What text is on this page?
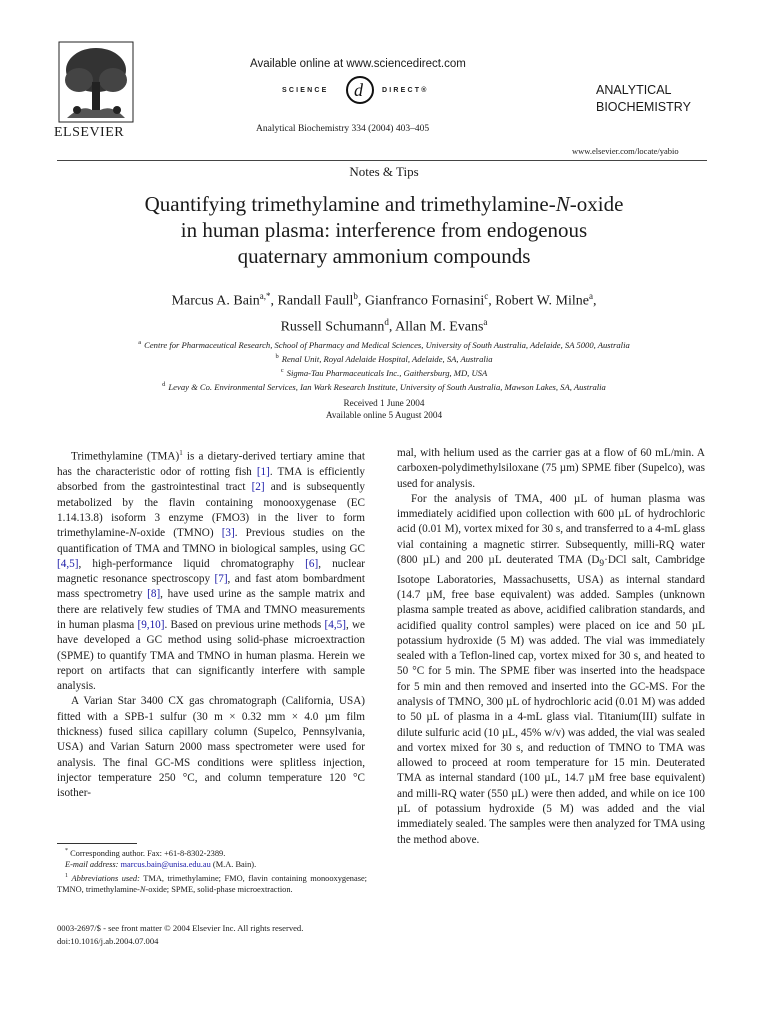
ELSEVIER
Available online at www.sciencedirect.com
SCIENCE d	DIRECT®
Analytical Biochemistry 334 (2004) 403–405
ANALYTICAL
BIOCHEMISTRY
www.elsevier.com/locate/yabio
Notes & Tips
Quantifying trimethylamine and trimethylamine-N-oxide
in human plasma: interference from endogenous
quaternary ammonium compounds
Marcus A. Bain$^{a,*}$, Randall Faull$^b$, Gianfranco Fornasini$^c$, Robert W. Milne$^a$,
Russell Schumann$^d$, Allan M. Evans$^a$
$^a$ Centre for Pharmaceutical Research, School of Pharmacy and Medical Sciences, University of South Australia, Adelaide, SA 5000, Australia
$^b$ Renal Unit, Royal Adelaide Hospital, Adelaide, SA, Australia
$^c$ Sigma-Tau Pharmaceuticals Inc., Gaithersburg, MD, USA
$^d$ Levay & Co. Environmental Services, Ian Wark Research Institute, University of South Australia, Mawson Lakes, SA, Australia
Received 1 June 2004
Available online 5 August 2004

Trimethylamine (TMA)$^1$ is a dietary-derived tertiary amine that has the characteristic odor of rotting fish [1]. TMA is efficiently absorbed from the gastrointestinal tract [2] and is subsequently metabolized by the flavin containing monooxygenase (EC 1.14.13.8) isoform 3 enzyme (FMO3) in the liver to form trimethylamine-N-oxide (TMNO) [3]. Previous studies on the quantification of TMA and TMNO in biological samples, using GC [4,5], high-performance liquid chromatography [6], nuclear magnetic resonance spectroscopy [7], and fast atom bombardment mass spectrometry [8], have used urine as the sample matrix and there are relatively few studies of TMA and TMNO measurements in human plasma [9,10]. Based on previous urine methods [4,5], we have developed a GC method using solid-phase microextraction (SPME) to quantify TMA and TMNO in human plasma. Herein we report on artifacts that can significantly interfere with sample analysis.

A Varian Star 3400 CX gas chromatograph (California, USA) fitted with a SPB-1 sulfur (30 m × 0.32 mm × 4.0 µm film thickness) fused silica capillary column (Supelco, Pennsylvania, USA) and Varian Saturn 2000 mass spectrometer were used for analysis. The final GC-MS conditions were splitless injection, injector temperature 250 °C, and column temperature 120 °C isother-

* Corresponding author. Fax: +61-8-8302-2389.
E-mail address: marcus.bain@unisa.edu.au (M.A. Bain).
$^1$ Abbreviations used: TMA, trimethylamine; FMO, flavin containing monooxygenase; TMNO, trimethylamine-N-oxide; SPME, solid-phase microextraction.
0003-2697/$ - see front matter © 2004 Elsevier Inc. All rights reserved.
doi:10.1016/j.ab.2004.07.004

mal, with helium used as the carrier gas at a flow of 60 mL/min. A carboxen-polydimethylsiloxane (75 µm) SPME fiber (Supelco), was used for analysis.

For the analysis of TMA, 400 µL of human plasma was immediately acidified upon collection with 600 µL of hydrochloric acid (0.01 M), vortex mixed for 30 s, and transferred to a 4-mL glass vial containing a magnetic stirrer. Subsequently, milli-RQ water (800 µL) and 200 µL deuterated TMA ($D_9\cdot DCl$ salt, Cambridge Isotope Laboratories, Massachusetts, USA) as internal standard (14.7 µM, free base equivalent) was added. Samples (unknown plasma sample treated as above, acidified calibration standards, and acidified quality control samples) were placed on ice and 50 µL potassium hydroxide (5 M) was added. The vial was immediately sealed with a Teflon-lined cap, vortex mixed for 30 s, and heated to 50 °C for 5 min. The SPME fiber was inserted into the headspace for 5 min and then removed and inserted into the GC-MS. For the analysis of TMNO, 300 µL of hydrochloric acid (0.01 M) was added to 50 µL of plasma in a 4-mL glass vial. Titanium(III) sulfate in dilute sulfuric acid (10 µL, 45% w/v) was added, the vial was sealed and vortex mixed for 30 s, and reduction of TMNO to TMA was allowed to proceed at room temperature for 15 min. Deuterated TMA as internal standard (100 µL, 14.7 µM free base equivalent) and milli-RQ water (550 µL) were then added, and while on ice 100 µL of potassium hydroxide (5 M) was added and the vial immediately sealed. The samples were then analyzed for TMA using the method above.
